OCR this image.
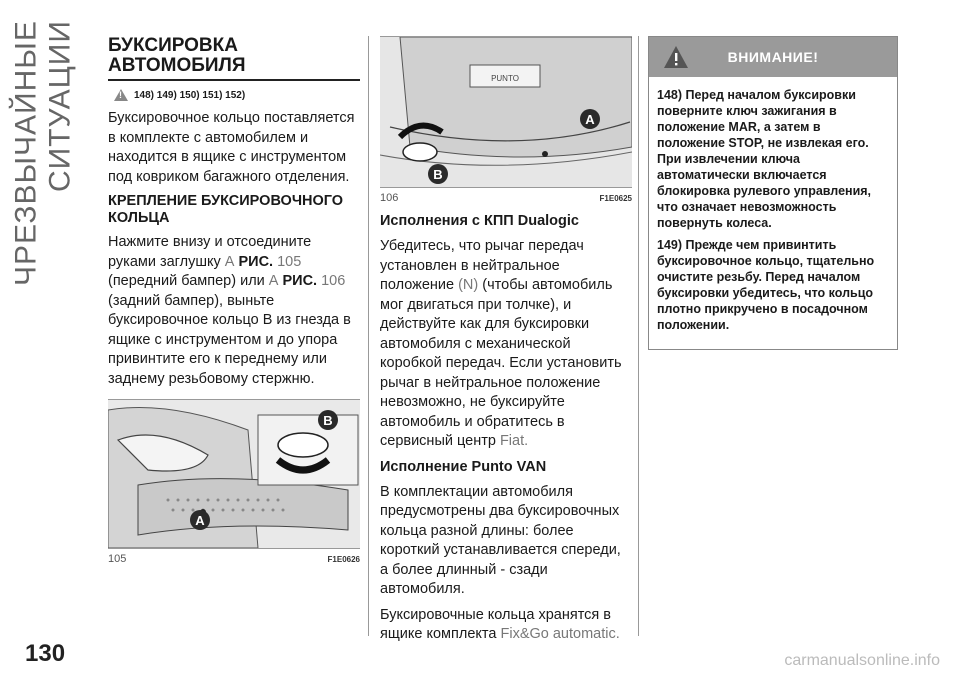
ЧРЕЗВЫЧАЙНЫЕ СИТУАЦИИ
130
БУКСИРОВКА
АВТОМОБИЛЯ
! 148) 149) 150) 151) 152)

Буксировочное кольцо поставляется в комплекте с автомобилем и находится в ящике с инструментом под ковриком багажного отделения.

КРЕПЛЕНИЕ БУКСИРОВОЧНОГО КОЛЬЦА

Нажмите внизу и отсоедините руками заглушку А РИС. 105 (передний бампер) или А РИС. 106 (задний бампер), выньте буксировочное кольцо B из гнезда в ящике с инструментом и до упора привинтите его к переднему или заднему резьбовому стержню.

B
A
105	F1E0626
PUNTO
A
B
106	F1E0625
Исполнения с КПП Dualogic

Убедитесь, что рычаг передач установлен в нейтральное положение (N) (чтобы автомобиль мог двигаться при толчке), и действуйте как для буксировки автомобиля с механической коробкой передач. Если установить рычаг в нейтральное положение невозможно, не буксируйте автомобиль и обратитесь в сервисный центр Fiat.

Исполнение Punto VAN

В комплектации автомобиля предусмотрены два буксировочных кольца разной длины: более короткий устанавливается спереди, а более длинный - сзади автомобиля.

Буксировочные кольца хранятся в ящике комплекта Fix&Go automatic.

ВНИМАНИЕ!

148) Перед началом буксировки поверните ключ зажигания в положение MAR, а затем в положение STOP, не извлекая его. При извлечении ключа автоматически включается блокировка рулевого управления, что означает невозможность повернуть колеса.

149) Прежде чем привинтить буксировочное кольцо, тщательно очистите резьбу. Перед началом буксировки убедитесь, что кольцо плотно прикручено в посадочном положении.

carmanualsonline.info
